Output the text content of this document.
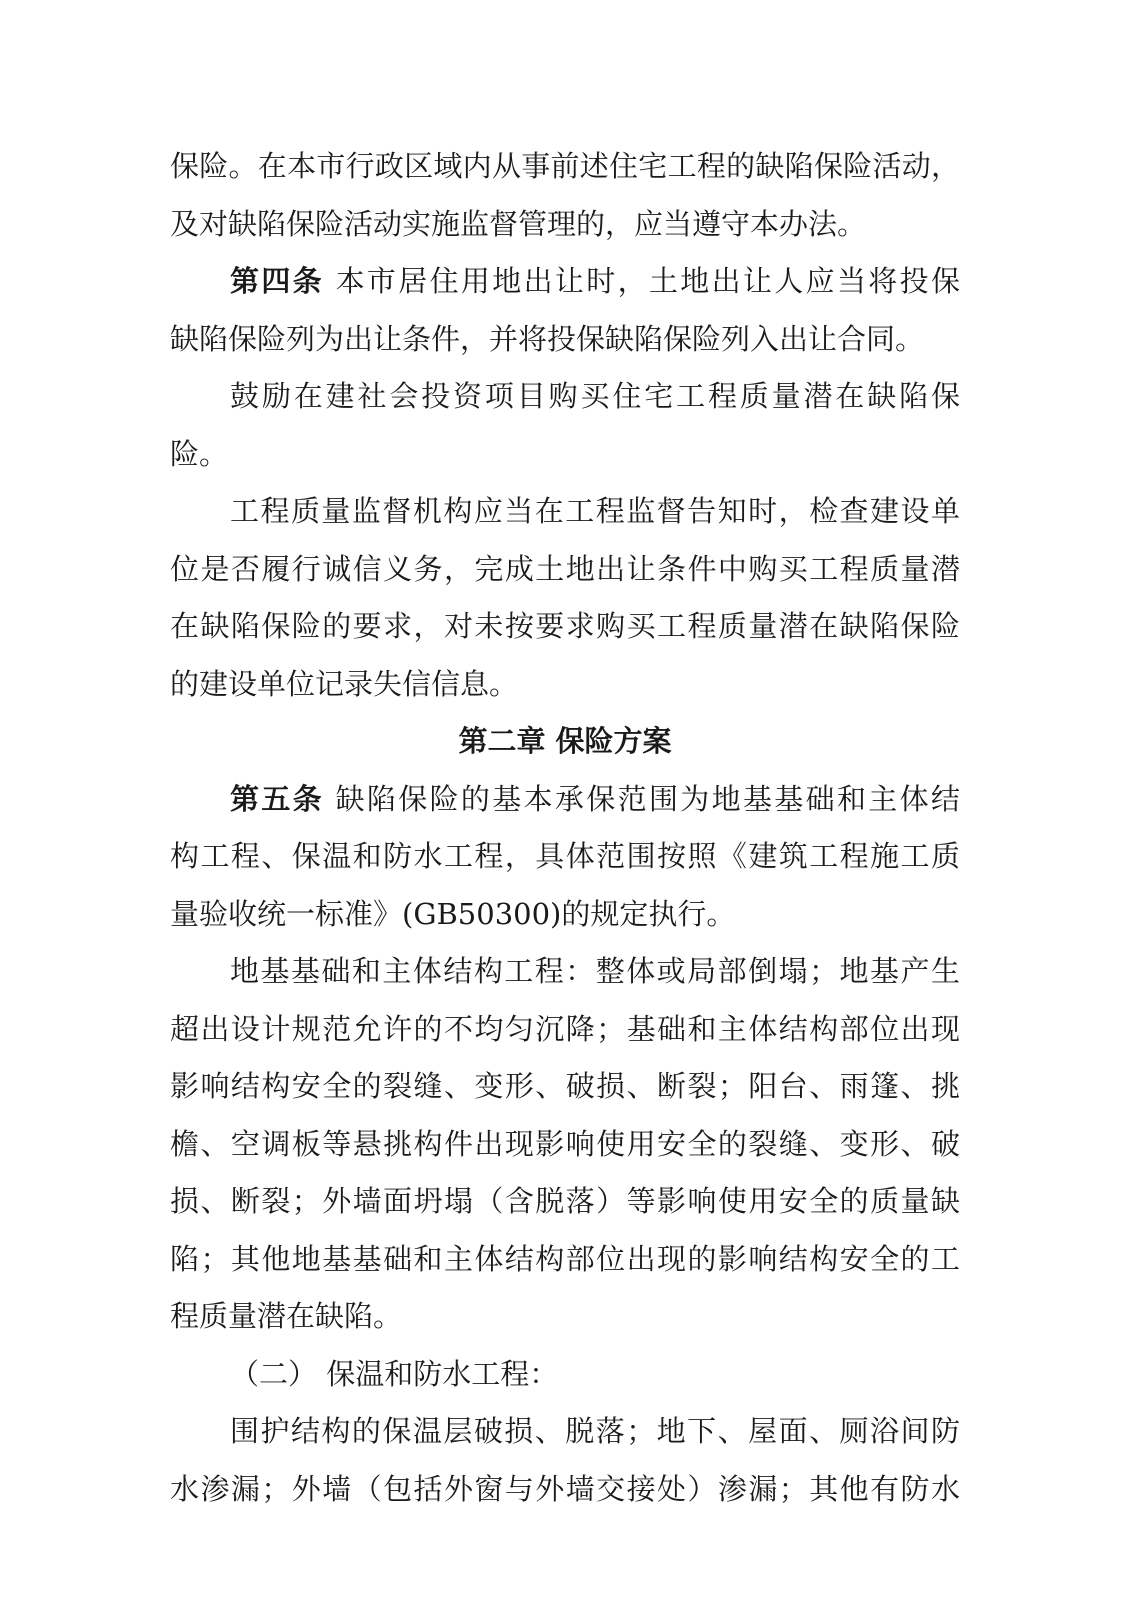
保险。在本市行政区域内从事前述住宅工程的缺陷保险活动，
及对缺陷保险活动实施监督管理的，应当遵守本办法。
第四条 本市居住用地出让时，土地出让人应当将投保
缺陷保险列为出让条件，并将投保缺陷保险列入出让合同。
鼓励在建社会投资项目购买住宅工程质量潜在缺陷保
险。
工程质量监督机构应当在工程监督告知时，检查建设单
位是否履行诚信义务，完成土地出让条件中购买工程质量潜
在缺陷保险的要求，对未按要求购买工程质量潜在缺陷保险
的建设单位记录失信信息。
第二章 保险方案
第五条 缺陷保险的基本承保范围为地基基础和主体结
构工程、保温和防水工程，具体范围按照《建筑工程施工质
量验收统一标准》(GB50300)的规定执行。
地基基础和主体结构工程：整体或局部倒塌；地基产生
超出设计规范允许的不均匀沉降；基础和主体结构部位出现
影响结构安全的裂缝、变形、破损、断裂；阳台、雨篷、挑
檐、空调板等悬挑构件出现影响使用安全的裂缝、变形、破
损、断裂；外墙面坍塌（含脱落）等影响使用安全的质量缺
陷；其他地基基础和主体结构部位出现的影响结构安全的工
程质量潜在缺陷。
（二） 保温和防水工程：
围护结构的保温层破损、脱落；地下、屋面、厕浴间防
水渗漏；外墙（包括外窗与外墙交接处）渗漏；其他有防水
